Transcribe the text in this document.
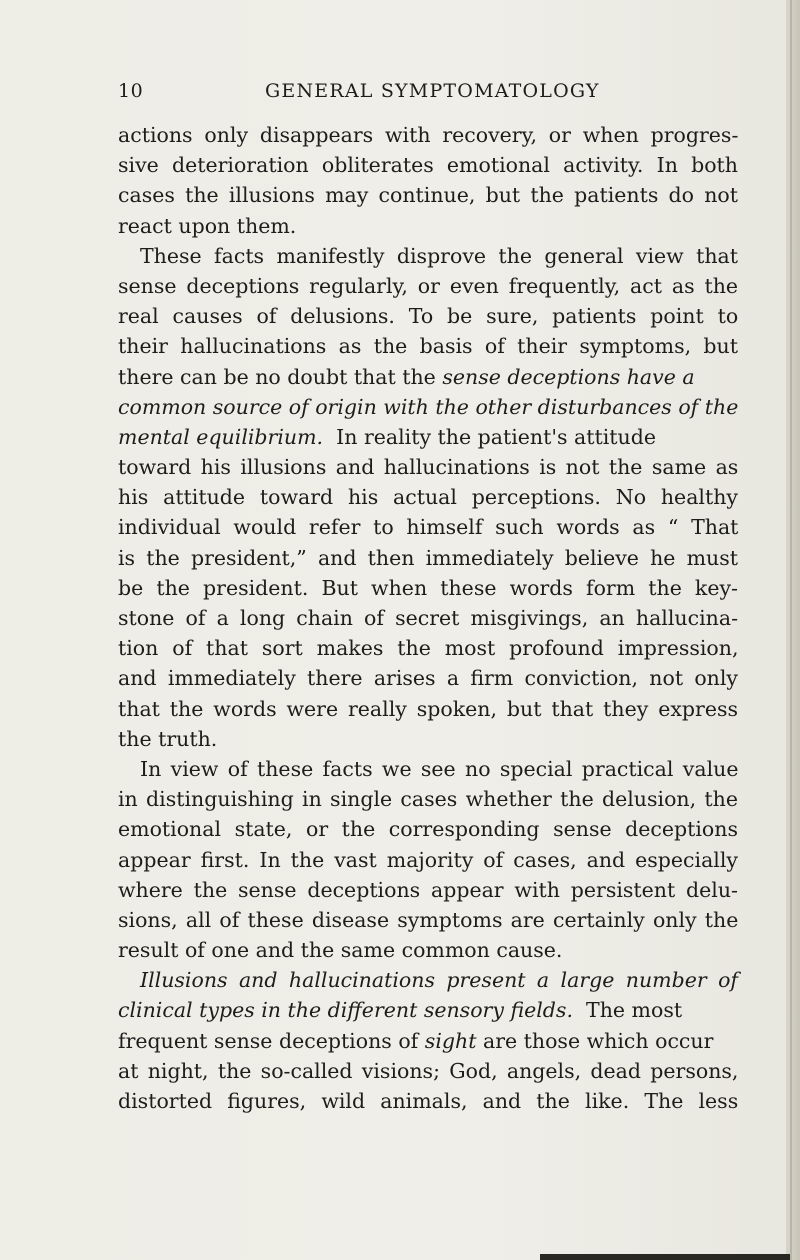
10	GENERAL SYMPTOMATOLOGY
actions only disappears with recovery, or when progres-
sive deterioration obliterates emotional activity. In both
cases the illusions may continue, but the patients do not
react upon them.
These facts manifestly disprove the general view that
sense deceptions regularly, or even frequently, act as the
real causes of delusions. To be sure, patients point to
their hallucinations as the basis of their symptoms, but
there can be no doubt that the sense deceptions have a
common source of origin with the other disturbances of the
mental equilibrium. In reality the patient's attitude
toward his illusions and hallucinations is not the same as
his attitude toward his actual perceptions. No healthy
individual would refer to himself such words as “ That
is the president,” and then immediately believe he must
be the president. But when these words form the key-
stone of a long chain of secret misgivings, an hallucina-
tion of that sort makes the most profound impression,
and immediately there arises a firm conviction, not only
that the words were really spoken, but that they express
the truth.
In view of these facts we see no special practical value
in distinguishing in single cases whether the delusion, the
emotional state, or the corresponding sense deceptions
appear first. In the vast majority of cases, and especially
where the sense deceptions appear with persistent delu-
sions, all of these disease symptoms are certainly only the
result of one and the same common cause.
Illusions and hallucinations present a large number of
clinical types in the different sensory fields. The most
frequent sense deceptions of sight are those which occur
at night, the so-called visions; God, angels, dead persons,
distorted figures, wild animals, and the like. The less
